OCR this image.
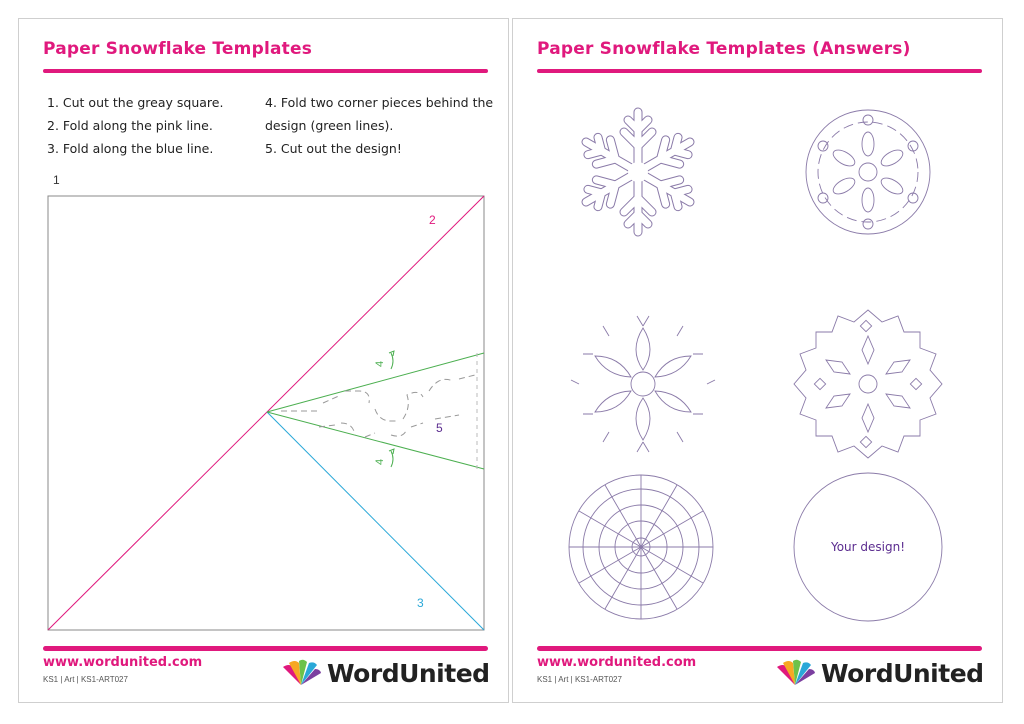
Paper Snowflake Templates
1. Cut out the greay square.
2. Fold along the pink line.
3. Fold along the blue line.
4. Fold two corner pieces behind the
design (green lines).
5. Cut out the design!
1
2
3
5
4
4
www.wordunited.com
KS1 | Art | KS1-ART027	WordUnited
Paper Snowflake Templates (Answers)
Your design!
www.wordunited.com
KS1 | Art | KS1-ART027	WordUnited
